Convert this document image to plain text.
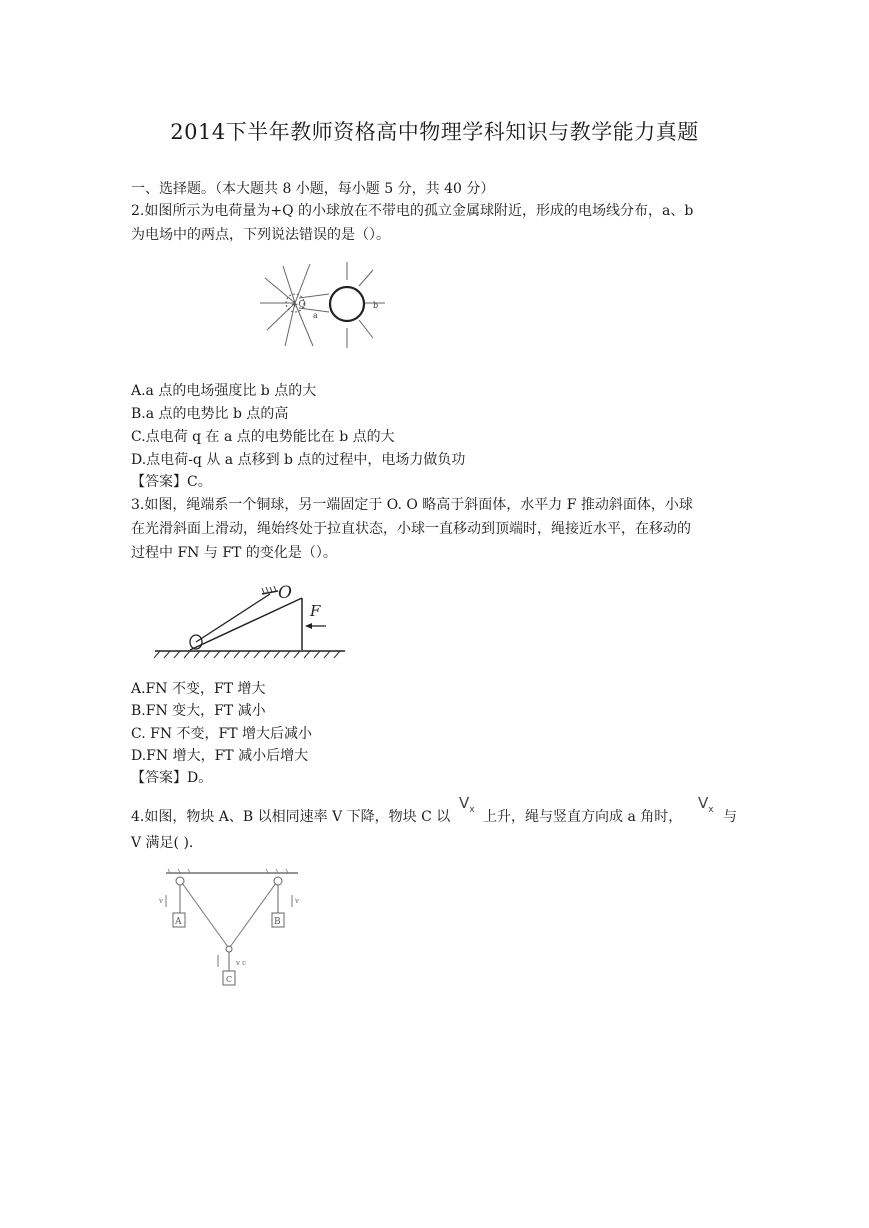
2014下半年教师资格高中物理学科知识与教学能力真题
一、选择题。（本大题共 8 小题，每小题 5 分，共 40 分）
2.如图所示为电荷量为+Q 的小球放在不带电的孤立金属球附近，形成的电场线分布，a、b
为电场中的两点，下列说法错误的是（）。
+Q
a
b
A.a 点的电场强度比 b 点的大
B.a 点的电势比 b 点的高
C.点电荷 q 在 a 点的电势能比在 b 点的大
D.点电荷-q 从 a 点移到 b 点的过程中，电场力做负功
【答案】C。
3.如图，绳端系一个铜球，另一端固定于 O. O 略高于斜面体，水平力 F 推动斜面体，小球
在光滑斜面上滑动，绳始终处于拉直状态，小球一直移动到顶端时，绳接近水平，在移动的
过程中 FN 与 FT 的变化是（）。
O
F
A.FN 不变，FT 增大
B.FN 变大，FT 减小
C. FN 不变，FT 增大后减小
D.FN 增大，FT 减小后增大
【答案】D。
4.如图，物块 A、B 以相同速率 V 下降，物块 C 以
$V_x$ 上升，绳与竖直方向成 a 角时，
$V_x$ 与
V 满足( ).
A	B
C
v	v
v c
